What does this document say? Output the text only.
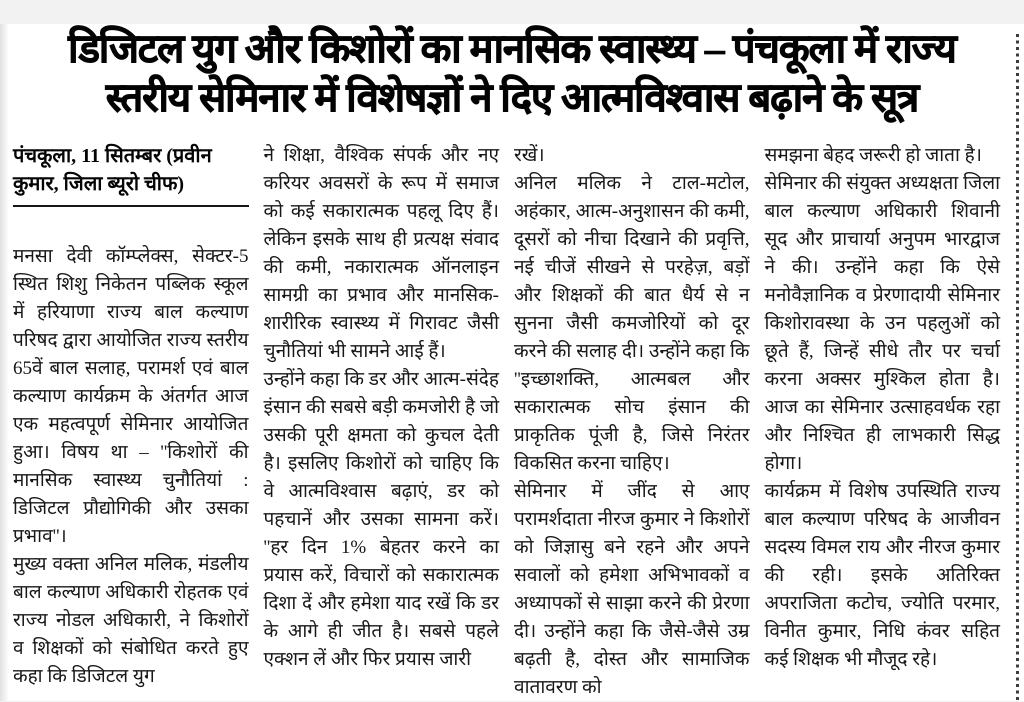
डिजिटल युग और किशोरों का मानसिक स्वास्थ्य – पंचकूला में राज्य स्तरीय सेमिनार में विशेषज्ञों ने दिए आत्मविश्वास बढ़ाने के सूत्र
पंचकूला, 11 सितम्बर (प्रवीन कुमार, जिला ब्यूरो चीफ)

मनसा देवी कॉम्प्लेक्स, सेक्टर-5 स्थित शिशु निकेतन पब्लिक स्कूल में हरियाणा राज्य बाल कल्याण परिषद द्वारा आयोजित राज्य स्तरीय 65वें बाल सलाह, परामर्श एवं बाल कल्याण कार्यक्रम के अंतर्गत आज एक महत्वपूर्ण सेमिनार आयोजित हुआ। विषय था – ''किशोरों की मानसिक स्वास्थ्य चुनौतियां : डिजिटल प्रौद्योगिकी और उसका प्रभाव''।

मुख्य वक्ता अनिल मलिक, मंडलीय बाल कल्याण अधिकारी रोहतक एवं राज्य नोडल अधिकारी, ने किशोरों व शिक्षकों को संबोधित करते हुए कहा कि डिजिटल युग

ने शिक्षा, वैश्विक संपर्क और नए करियर अवसरों के रूप में समाज को कई सकारात्मक पहलू दिए हैं। लेकिन इसके साथ ही प्रत्यक्ष संवाद की कमी, नकारात्मक ऑनलाइन सामग्री का प्रभाव और मानसिक-शारीरिक स्वास्थ्य में गिरावट जैसी चुनौतियां भी सामने आई हैं।

उन्होंने कहा कि डर और आत्म-संदेह इंसान की सबसे बड़ी कमजोरी है जो उसकी पूरी क्षमता को कुचल देती है। इसलिए किशोरों को चाहिए कि वे आत्मविश्वास बढ़ाएं, डर को पहचानें और उसका सामना करें। ''हर दिन 1% बेहतर करने का प्रयास करें, विचारों को सकारात्मक दिशा दें और हमेशा याद रखें कि डर के आगे ही जीत है। सबसे पहले एक्शन लें और फिर प्रयास जारी

रखें।

अनिल मलिक ने टाल-मटोल, अहंकार, आत्म-अनुशासन की कमी, दूसरों को नीचा दिखाने की प्रवृत्ति, नई चीजें सीखने से परहेज़, बड़ों और शिक्षकों की बात धैर्य से न सुनना जैसी कमजोरियों को दूर करने की सलाह दी। उन्होंने कहा कि ''इच्छाशक्ति, आत्मबल और सकारात्मक सोच इंसान की प्राकृतिक पूंजी है, जिसे निरंतर विकसित करना चाहिए।

सेमिनार में जींद से आए परामर्शदाता नीरज कुमार ने किशोरों को जिज्ञासु बने रहने और अपने सवालों को हमेशा अभिभावकों व अध्यापकों से साझा करने की प्रेरणा दी। उन्होंने कहा कि जैसे-जैसे उम्र बढ़ती है, दोस्त और सामाजिक वातावरण को

समझना बेहद जरूरी हो जाता है।

सेमिनार की संयुक्त अध्यक्षता जिला बाल कल्याण अधिकारी शिवानी सूद और प्राचार्या अनुपम भारद्वाज ने की। उन्होंने कहा कि ऐसे मनोवैज्ञानिक व प्रेरणादायी सेमिनार किशोरावस्था के उन पहलुओं को छूते हैं, जिन्हें सीधे तौर पर चर्चा करना अक्सर मुश्किल होता है। आज का सेमिनार उत्साहवर्धक रहा और निश्चित ही लाभकारी सिद्ध होगा।

कार्यक्रम में विशेष उपस्थिति राज्य बाल कल्याण परिषद के आजीवन सदस्य विमल राय और नीरज कुमार की रही। इसके अतिरिक्त अपराजिता कटोच, ज्योति परमार, विनीत कुमार, निधि कंवर सहित कई शिक्षक भी मौजूद रहे।
